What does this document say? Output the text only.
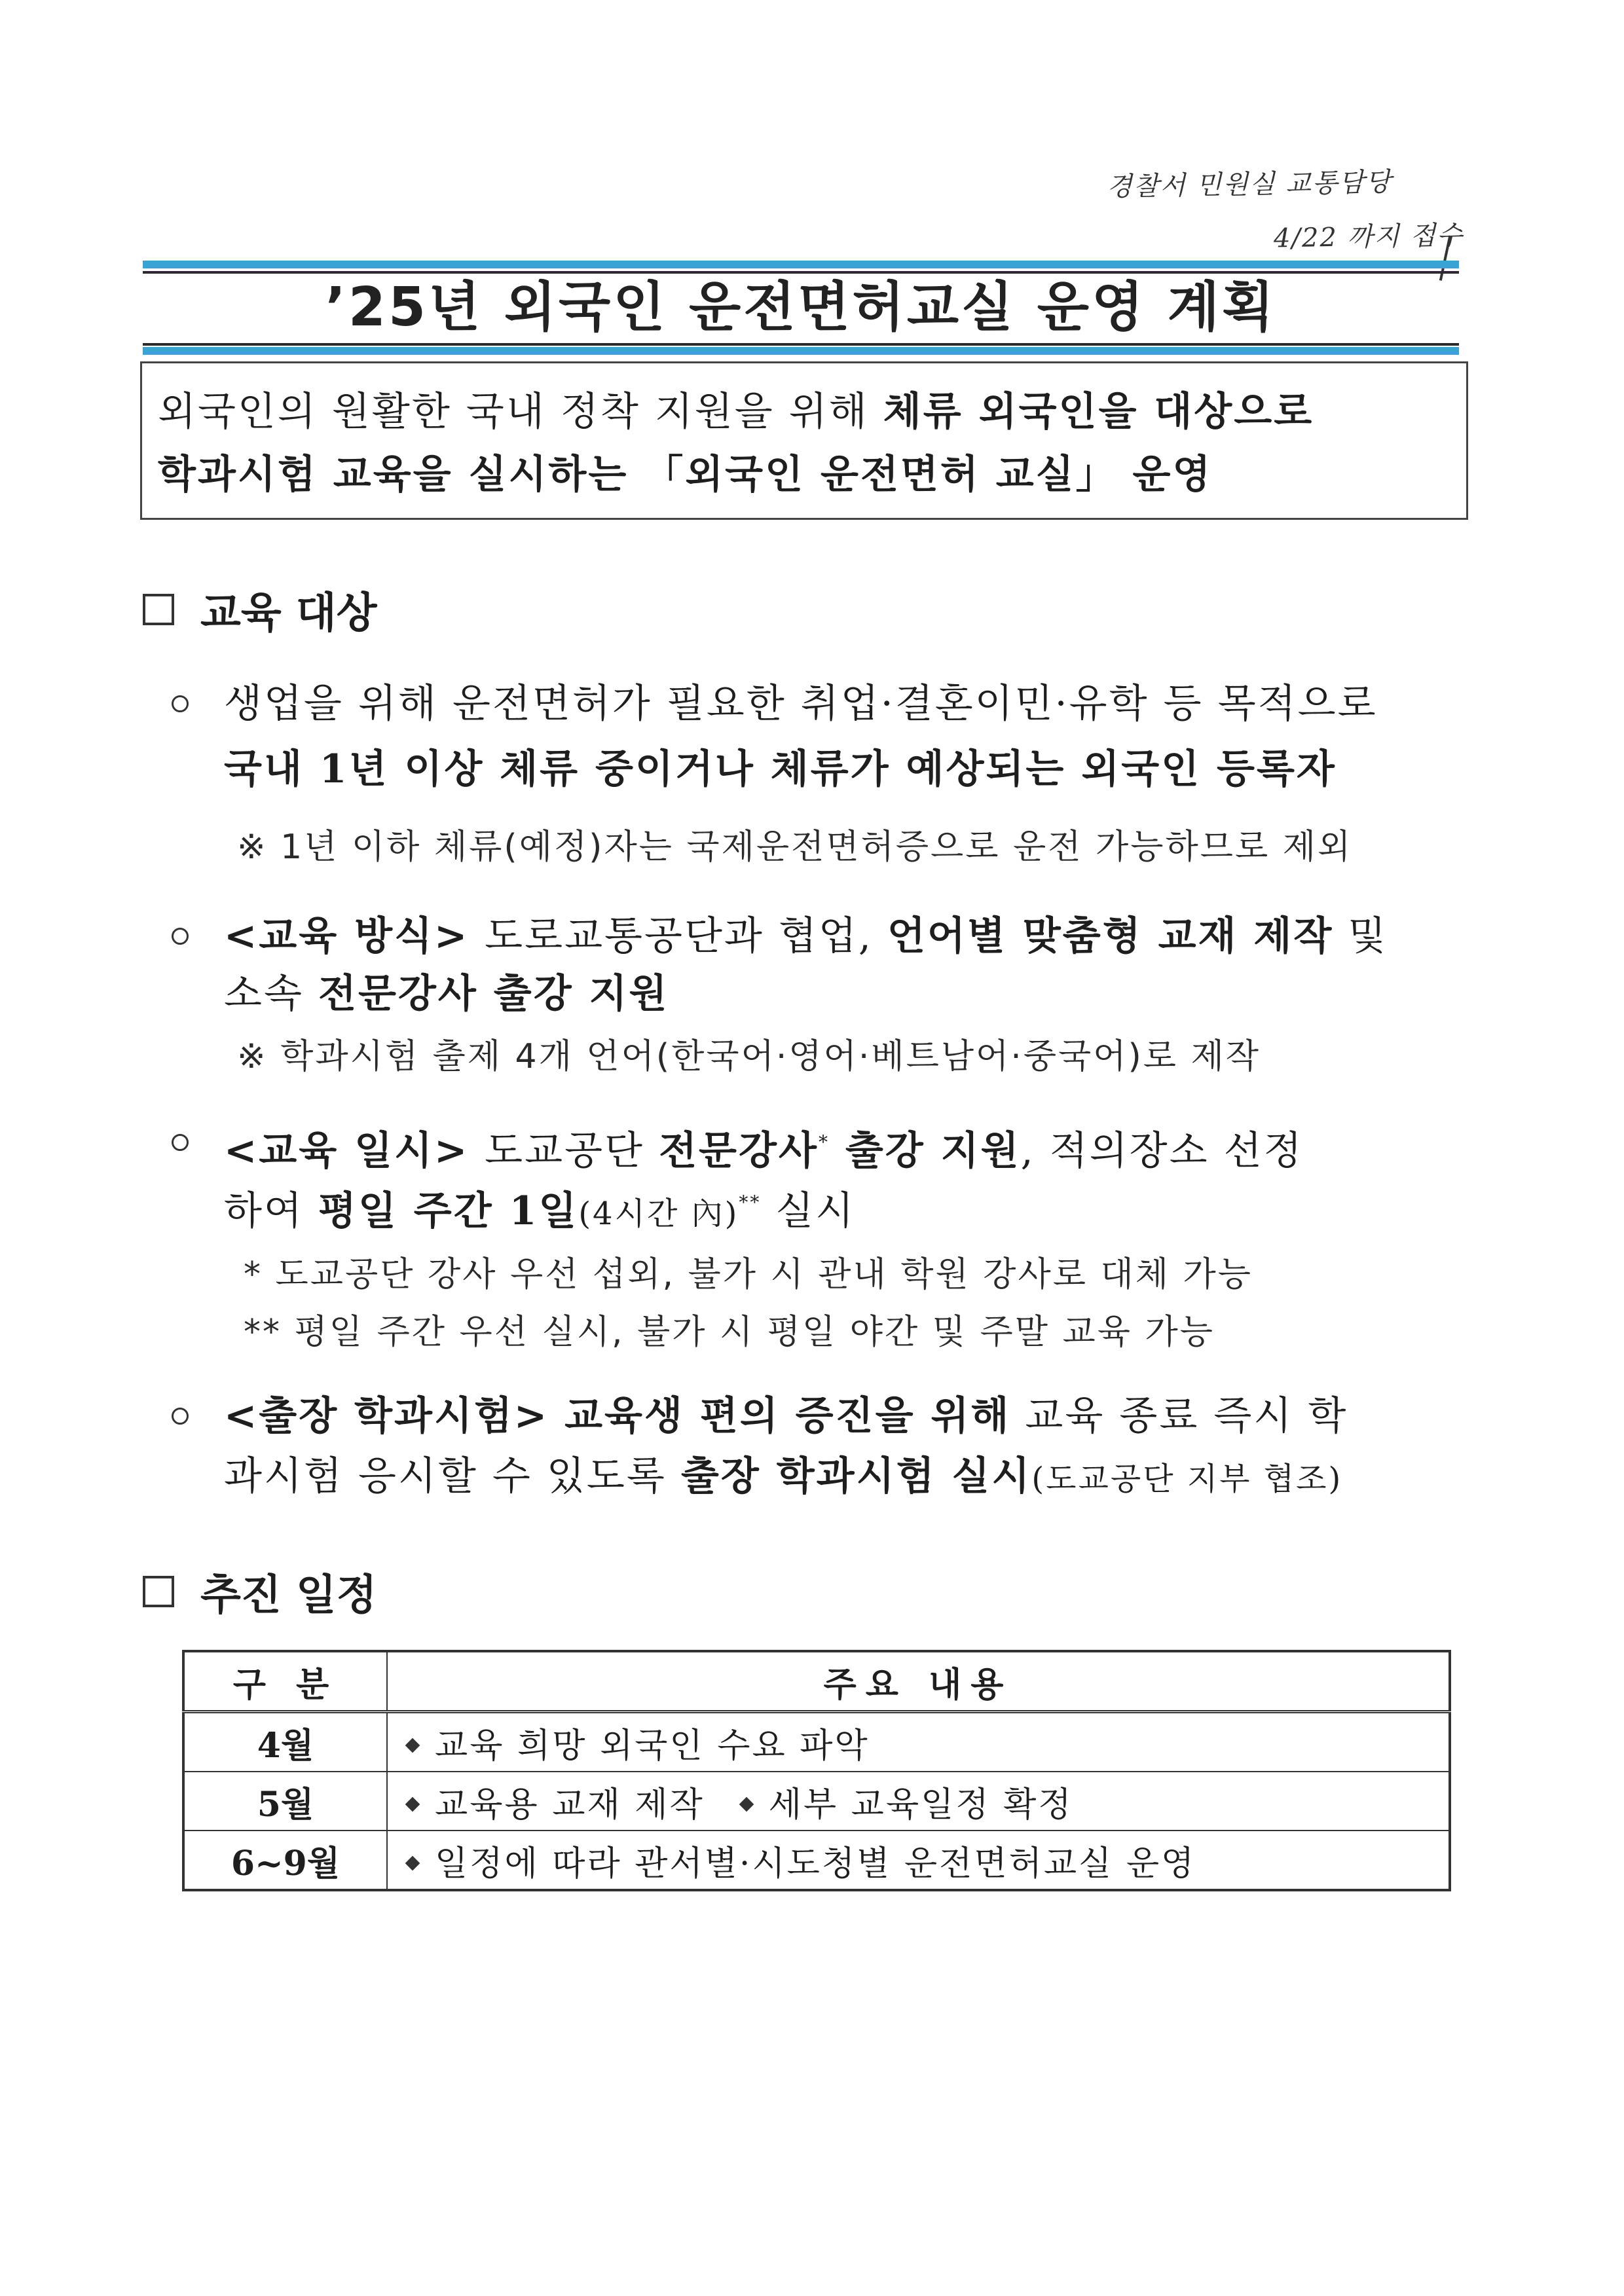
경찰서 민원실 교통담당
4/22 까지 접수
’25년 외국인 운전면허교실 운영 계획

외국인의 원활한 국내 정착 지원을 위해 체류 외국인을 대상으로

학과시험 교육을 실시하는 「외국인 운전면허 교실」 운영

교육 대상
생업을 위해 운전면허가 필요한 취업·결혼이민·유학 등 목적으로
국내 1년 이상 체류 중이거나 체류가 예상되는 외국인 등록자
※ 1년 이하 체류(예정)자는 국제운전면허증으로 운전 가능하므로 제외
<교육 방식> 도로교통공단과 협업, 언어별 맞춤형 교재 제작 및
소속 전문강사 출강 지원
※ 학과시험 출제 4개 언어(한국어·영어·베트남어·중국어)로 제작
<교육 일시> 도교공단 전문강사* 출강 지원, 적의장소 선정
하여 평일 주간 1일(4시간 內)** 실시
* 도교공단 강사 우선 섭외, 불가 시 관내 학원 강사로 대체 가능
** 평일 주간 우선 실시, 불가 시 평일 야간 및 주말 교육 가능
<출장 학과시험> 교육생 편의 증진을 위해 교육 종료 즉시 학
과시험 응시할 수 있도록 출장 학과시험 실시(도교공단 지부 협조)
추진 일정
구 분	주요 내용
4월	교육 희망 외국인 수요 파악
5월	교육용 교재 제작 세부 교육일정 확정
6~9월	일정에 따라 관서별·시도청별 운전면허교실 운영
